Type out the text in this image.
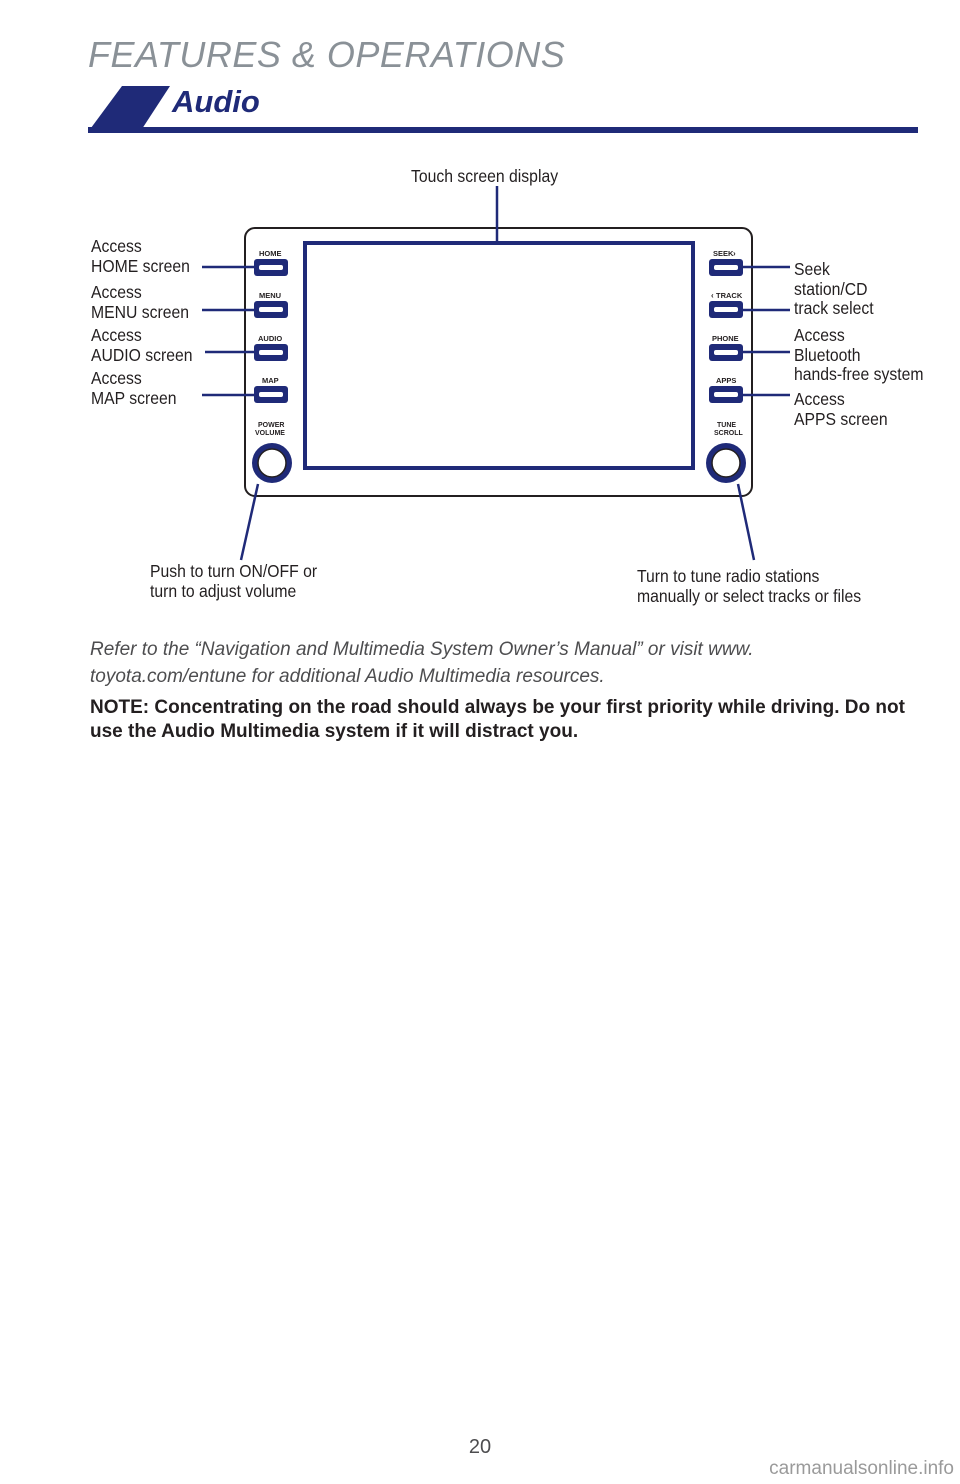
FEATURES & OPERATIONS
Audio
HOME
MENU
AUDIO
MAP
SEEK ›
‹ TRACK
PHONE
APPS
POWER
VOLUME
TUNE
SCROLL
Touch screen display
Access
HOME screen
Access
MENU screen
Access
AUDIO screen
Access
MAP screen
Seek
station/CD
track select
Access
Bluetooth
hands-free system
Access
APPS screen
Push to turn ON/OFF or
turn to adjust volume
Turn to tune radio stations
manually or select tracks or files

Refer to the “Navigation and Multimedia System Owner’s Manual” or visit www. toyota.com/entune for additional Audio Multimedia resources.

NOTE: Concentrating on the road should always be your first priority while driving. Do not use the Audio Multimedia system if it will distract you.

20
carmanualsonline.info
